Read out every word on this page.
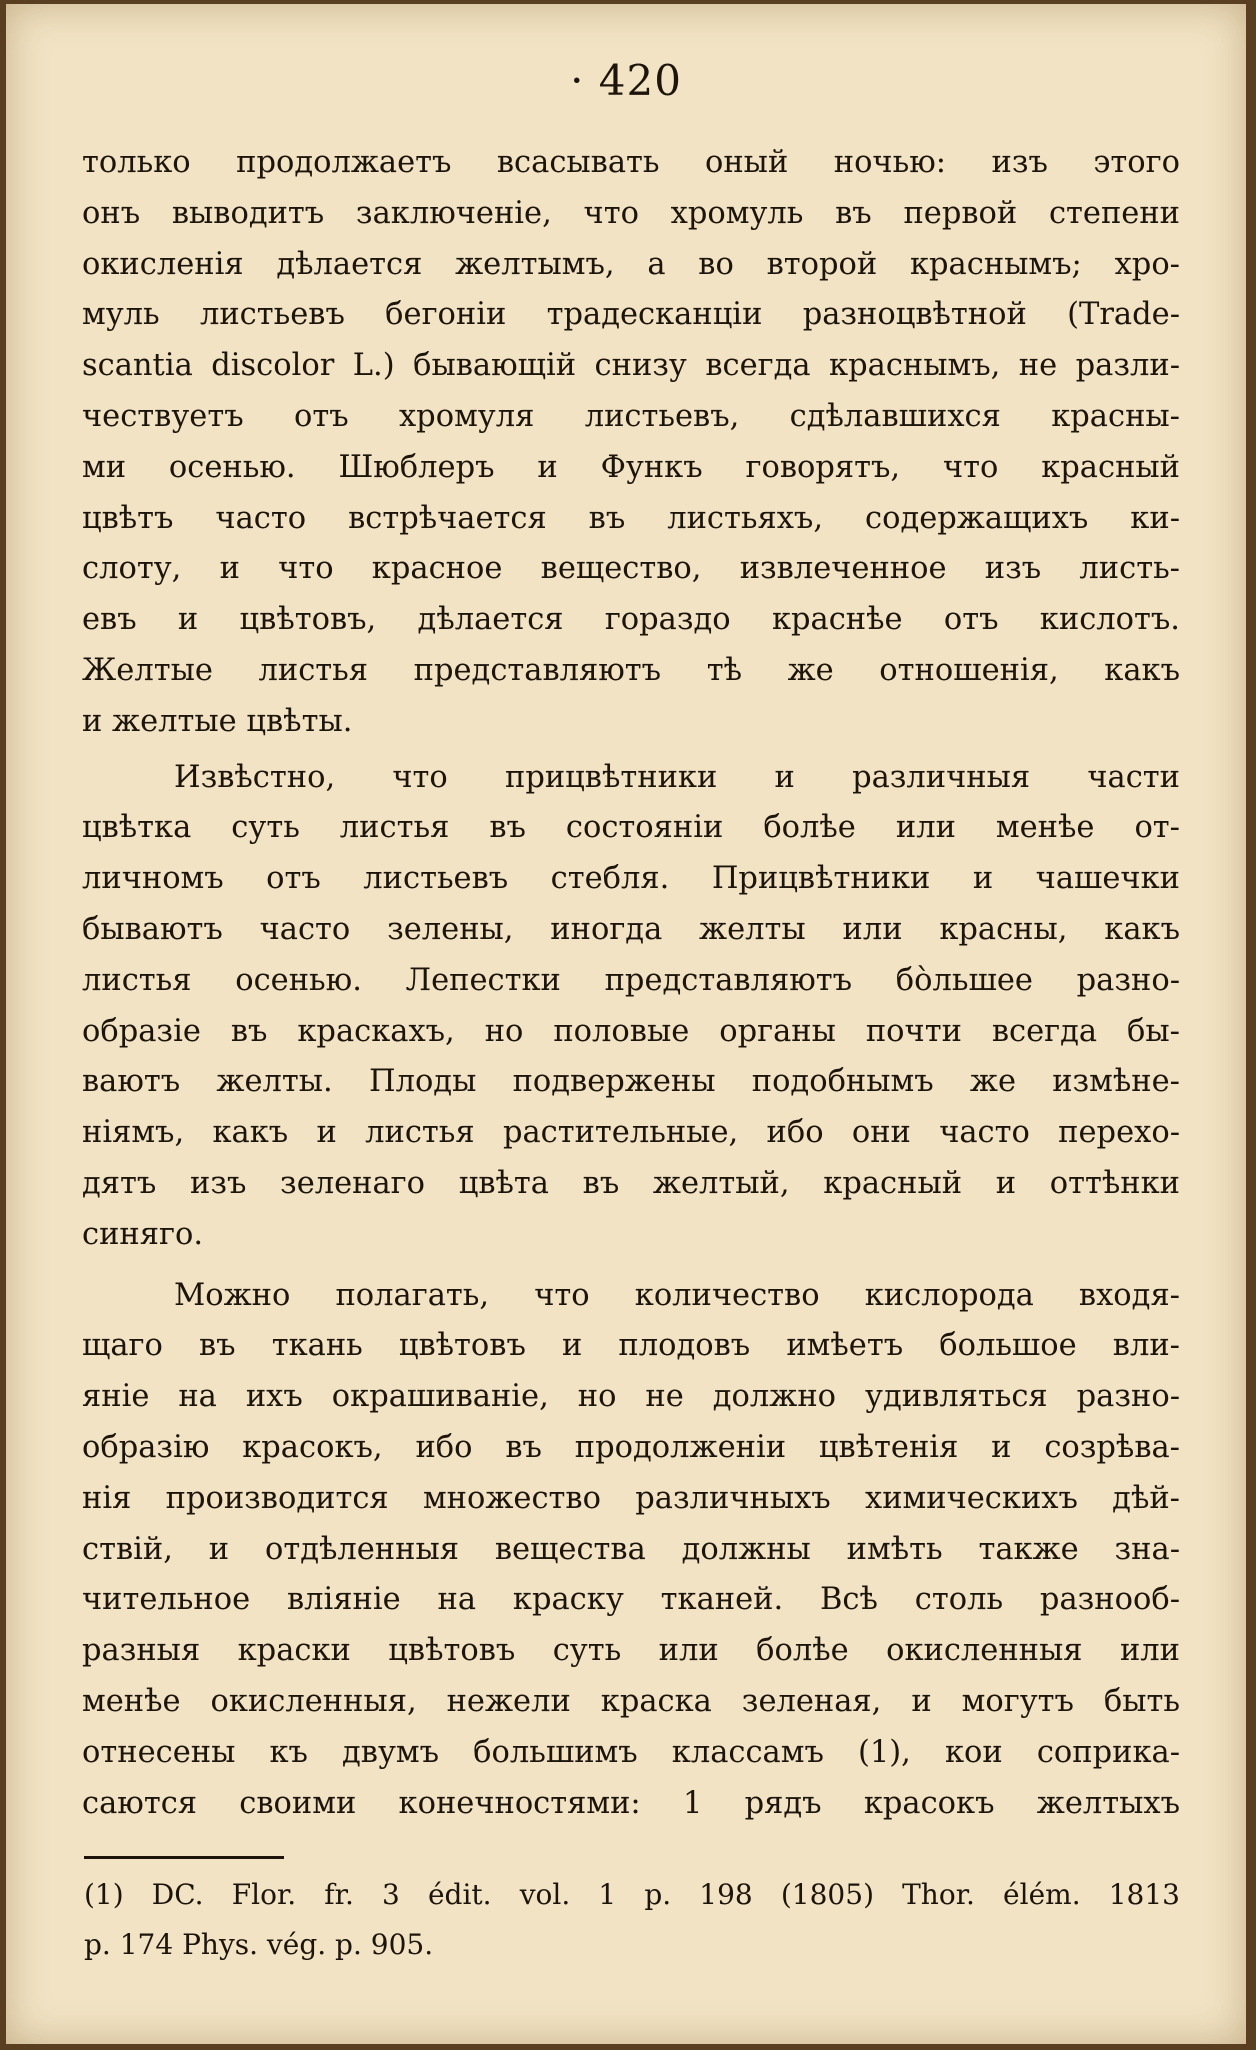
· 420

только продолжаетъ всасывать оный ночью: изъ этого
онъ выводитъ заключеніе, что хромуль въ первой степени
окисленія дѣлается желтымъ, а во второй краснымъ; хро-
муль листьевъ бегоніи традесканціи разноцвѣтной (Trade-
scantia discolor L.) бывающій снизу всегда краснымъ, не разли-
чествуетъ отъ хромуля листьевъ, сдѣлавшихся красны-
ми осенью. Шюблеръ и Функъ говорятъ, что красный
цвѣтъ часто встрѣчается въ листьяхъ, содержащихъ ки-
слоту, и что красное вещество, извлеченное изъ листь-
евъ и цвѣтовъ, дѣлается гораздо краснѣе отъ кислотъ.
Желтые листья представляютъ тѣ же отношенія, какъ
и желтые цвѣты.

Извѣстно, что прицвѣтники и различныя части
цвѣтка суть листья въ состояніи болѣе или менѣе от-
личномъ отъ листьевъ стебля. Прицвѣтники и чашечки
бываютъ часто зелены, иногда желты или красны, какъ
листья осенью. Лепестки представляютъ бо̀льшее разно-
образіе въ краскахъ, но половые органы почти всегда бы-
ваютъ желты. Плоды подвержены подобнымъ же измѣне-
ніямъ, какъ и листья растительные, ибо они часто перехо-
дятъ изъ зеленаго цвѣта въ желтый, красный и оттѣнки
синяго.

Можно полагать, что количество кислорода входя-
щаго въ ткань цвѣтовъ и плодовъ имѣетъ большое вли-
яніе на ихъ окрашиваніе, но не должно удивляться разно-
образію красокъ, ибо въ продолженіи цвѣтенія и созрѣва-
нія производится множество различныхъ химическихъ дѣй-
ствій, и отдѣленныя вещества должны имѣть также зна-
чительное вліяніе на краску тканей. Всѣ столь разнооб-
разныя краски цвѣтовъ суть или болѣе окисленныя или
менѣе окисленныя, нежели краска зеленая, и могутъ быть
отнесены къ двумъ большимъ классамъ (1), кои соприка-
саются своими конечностями: 1 рядъ красокъ желтыхъ

(1) DC. Flor. fr. 3 édit. vol. 1 p. 198 (1805) Thor. élém. 1813
p. 174 Phys. vég. p. 905.
